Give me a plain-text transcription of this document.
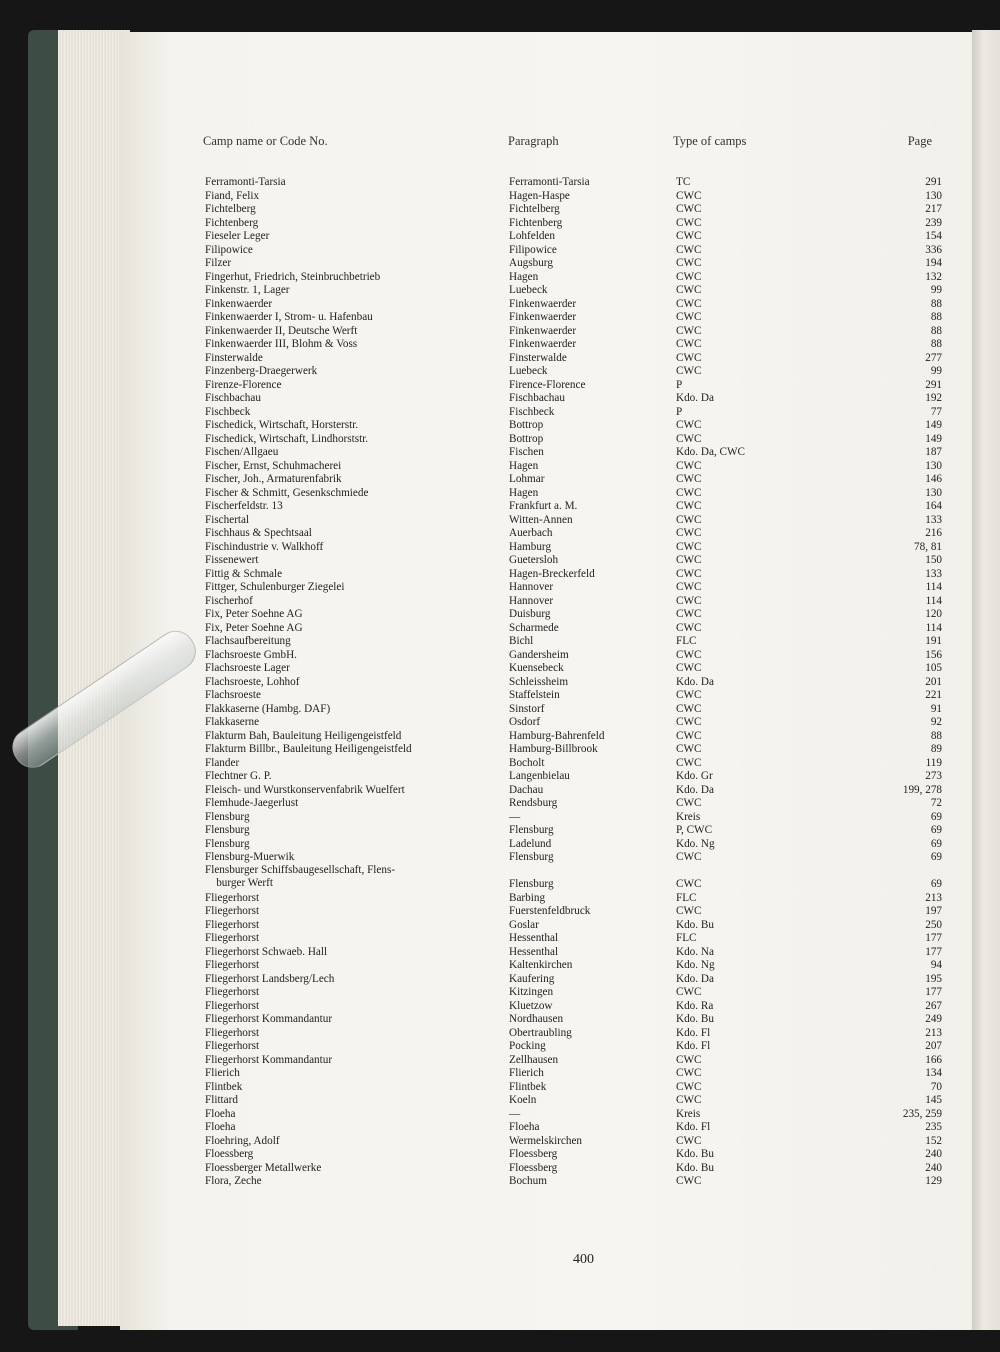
Camp name or Code No.	Paragraph	Type of camps	Page
Ferramonti-Tarsia	Ferramonti-Tarsia	TC	291
Fiand, Felix	Hagen-Haspe	CWC	130
Fichtelberg	Fichtelberg	CWC	217
Fichtenberg	Fichtenberg	CWC	239
Fieseler Leger	Lohfelden	CWC	154
Filipowice	Filipowice	CWC	336
Filzer	Augsburg	CWC	194
Fingerhut, Friedrich, Steinbruchbetrieb	Hagen	CWC	132
Finkenstr. 1, Lager	Luebeck	CWC	99
Finkenwaerder	Finkenwaerder	CWC	88
Finkenwaerder I, Strom- u. Hafenbau	Finkenwaerder	CWC	88
Finkenwaerder II, Deutsche Werft	Finkenwaerder	CWC	88
Finkenwaerder III, Blohm & Voss	Finkenwaerder	CWC	88
Finsterwalde	Finsterwalde	CWC	277
Finzenberg-Draegerwerk	Luebeck	CWC	99
Firenze-Florence	Firence-Florence	P	291
Fischbachau	Fischbachau	Kdo. Da	192
Fischbeck	Fischbeck	P	77
Fischedick, Wirtschaft, Horsterstr.	Bottrop	CWC	149
Fischedick, Wirtschaft, Lindhorststr.	Bottrop	CWC	149
Fischen/Allgaeu	Fischen	Kdo. Da, CWC	187
Fischer, Ernst, Schuhmacherei	Hagen	CWC	130
Fischer, Joh., Armaturenfabrik	Lohmar	CWC	146
Fischer & Schmitt, Gesenkschmiede	Hagen	CWC	130
Fischerfeldstr. 13	Frankfurt a. M.	CWC	164
Fischertal	Witten-Annen	CWC	133
Fischhaus & Spechtsaal	Auerbach	CWC	216
Fischindustrie v. Walkhoff	Hamburg	CWC	78, 81
Fissenewert	Guetersloh	CWC	150
Fittig & Schmale	Hagen-Breckerfeld	CWC	133
Fittger, Schulenburger Ziegelei	Hannover	CWC	114
Fischerhof	Hannover	CWC	114
Fix, Peter Soehne AG	Duisburg	CWC	120
Fix, Peter Soehne AG	Scharmede	CWC	114
Flachsaufbereitung	Bichl	FLC	191
Flachsroeste GmbH.	Gandersheim	CWC	156
Flachsroeste Lager	Kuensebeck	CWC	105
Flachsroeste, Lohhof	Schleissheim	Kdo. Da	201
Flachsroeste	Staffelstein	CWC	221
Flakkaserne (Hambg. DAF)	Sinstorf	CWC	91
Flakkaserne	Osdorf	CWC	92
Flakturm Bah, Bauleitung Heiligengeistfeld	Hamburg-Bahrenfeld	CWC	88
Flakturm Billbr., Bauleitung Heiligengeistfeld	Hamburg-Billbrook	CWC	89
Flander	Bocholt	CWC	119
Flechtner G. P.	Langenbielau	Kdo. Gr	273
Fleisch- und Wurstkonservenfabrik Wuelfert	Dachau	Kdo. Da	199, 278
Flemhude-Jaegerlust	Rendsburg	CWC	72
Flensburg	—	Kreis	69
Flensburg	Flensburg	P, CWC	69
Flensburg	Ladelund	Kdo. Ng	69
Flensburg-Muerwik	Flensburg	CWC	69
Flensburger Schiffsbaugesellschaft, Flens-
burger Werft	Flensburg	CWC	69
Fliegerhorst	Barbing	FLC	213
Fliegerhorst	Fuerstenfeldbruck	CWC	197
Fliegerhorst	Goslar	Kdo. Bu	250
Fliegerhorst	Hessenthal	FLC	177
Fliegerhorst Schwaeb. Hall	Hessenthal	Kdo. Na	177
Fliegerhorst	Kaltenkirchen	Kdo. Ng	94
Fliegerhorst Landsberg/Lech	Kaufering	Kdo. Da	195
Fliegerhorst	Kitzingen	CWC	177
Fliegerhorst	Kluetzow	Kdo. Ra	267
Fliegerhorst Kommandantur	Nordhausen	Kdo. Bu	249
Fliegerhorst	Obertraubling	Kdo. Fl	213
Fliegerhorst	Pocking	Kdo. Fl	207
Fliegerhorst Kommandantur	Zellhausen	CWC	166
Flierich	Flierich	CWC	134
Flintbek	Flintbek	CWC	70
Flittard	Koeln	CWC	145
Floeha	—	Kreis	235, 259
Floeha	Floeha	Kdo. Fl	235
Floehring, Adolf	Wermelskirchen	CWC	152
Floessberg	Floessberg	Kdo. Bu	240
Floessberger Metallwerke	Floessberg	Kdo. Bu	240
Flora, Zeche	Bochum	CWC	129
400
